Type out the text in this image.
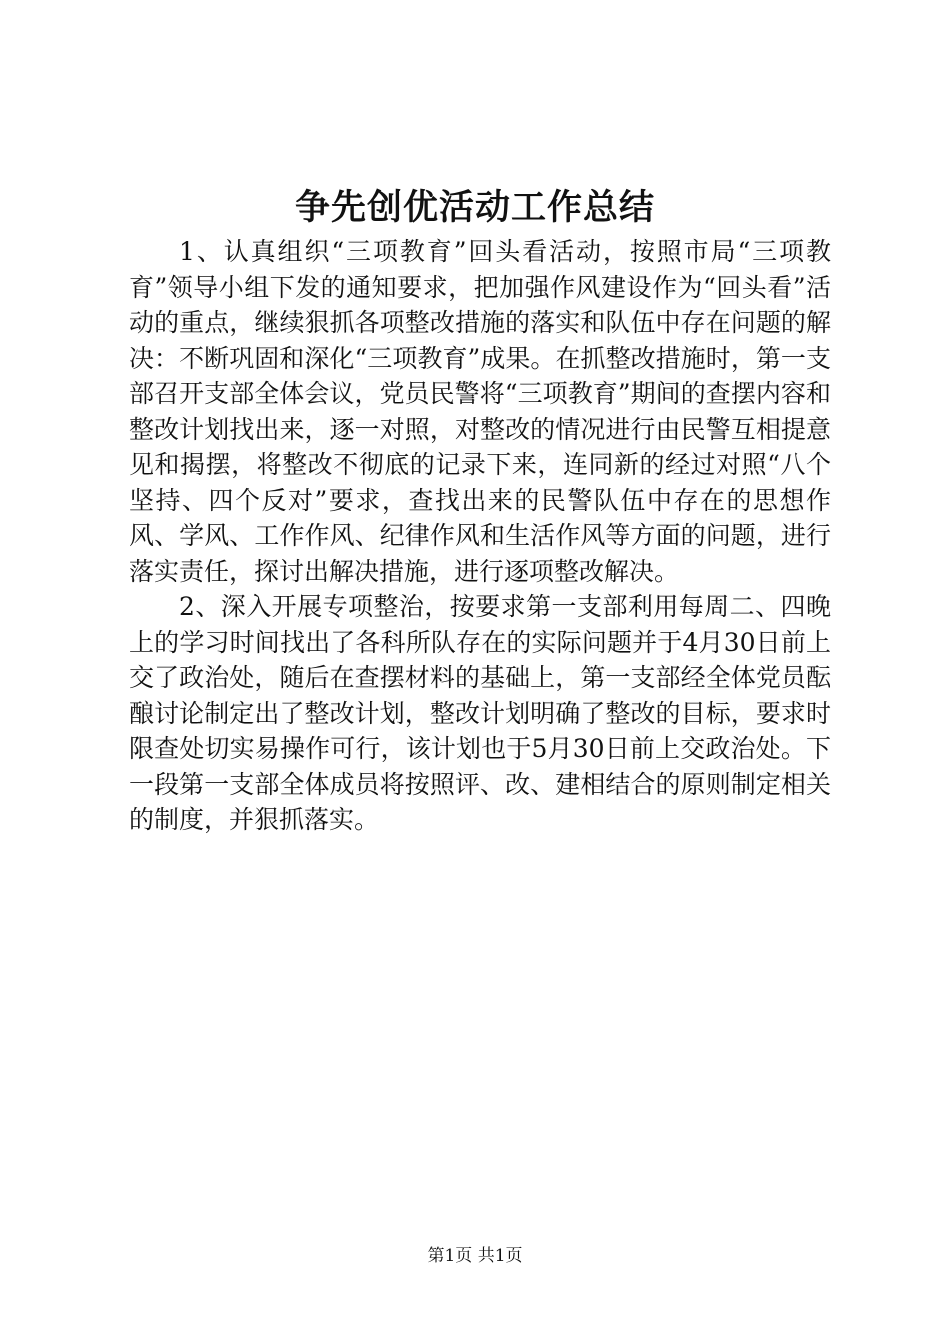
争先创优活动工作总结

1、认真组织“三项教育”回头看活动，按照市局“三项教育”领导小组下发的通知要求，把加强作风建设作为“回头看”活动的重点，继续狠抓各项整改措施的落实和队伍中存在问题的解决：不断巩固和深化“三项教育”成果。在抓整改措施时，第一支部召开支部全体会议，党员民警将“三项教育”期间的查摆内容和整改计划找出来，逐一对照，对整改的情况进行由民警互相提意见和揭摆，将整改不彻底的记录下来，连同新的经过对照“八个坚持、四个反对”要求，查找出来的民警队伍中存在的思想作风、学风、工作作风、纪律作风和生活作风等方面的问题，进行落实责任，探讨出解决措施，进行逐项整改解决。

2、深入开展专项整治，按要求第一支部利用每周二、四晚上的学习时间找出了各科所队存在的实际问题并于4月30日前上交了政治处，随后在查摆材料的基础上，第一支部经全体党员酝酿讨论制定出了整改计划，整改计划明确了整改的目标，要求时限查处切实易操作可行，该计划也于5月30日前上交政治处。下一段第一支部全体成员将按照评、改、建相结合的原则制定相关的制度，并狠抓落实。

第1页 共1页
